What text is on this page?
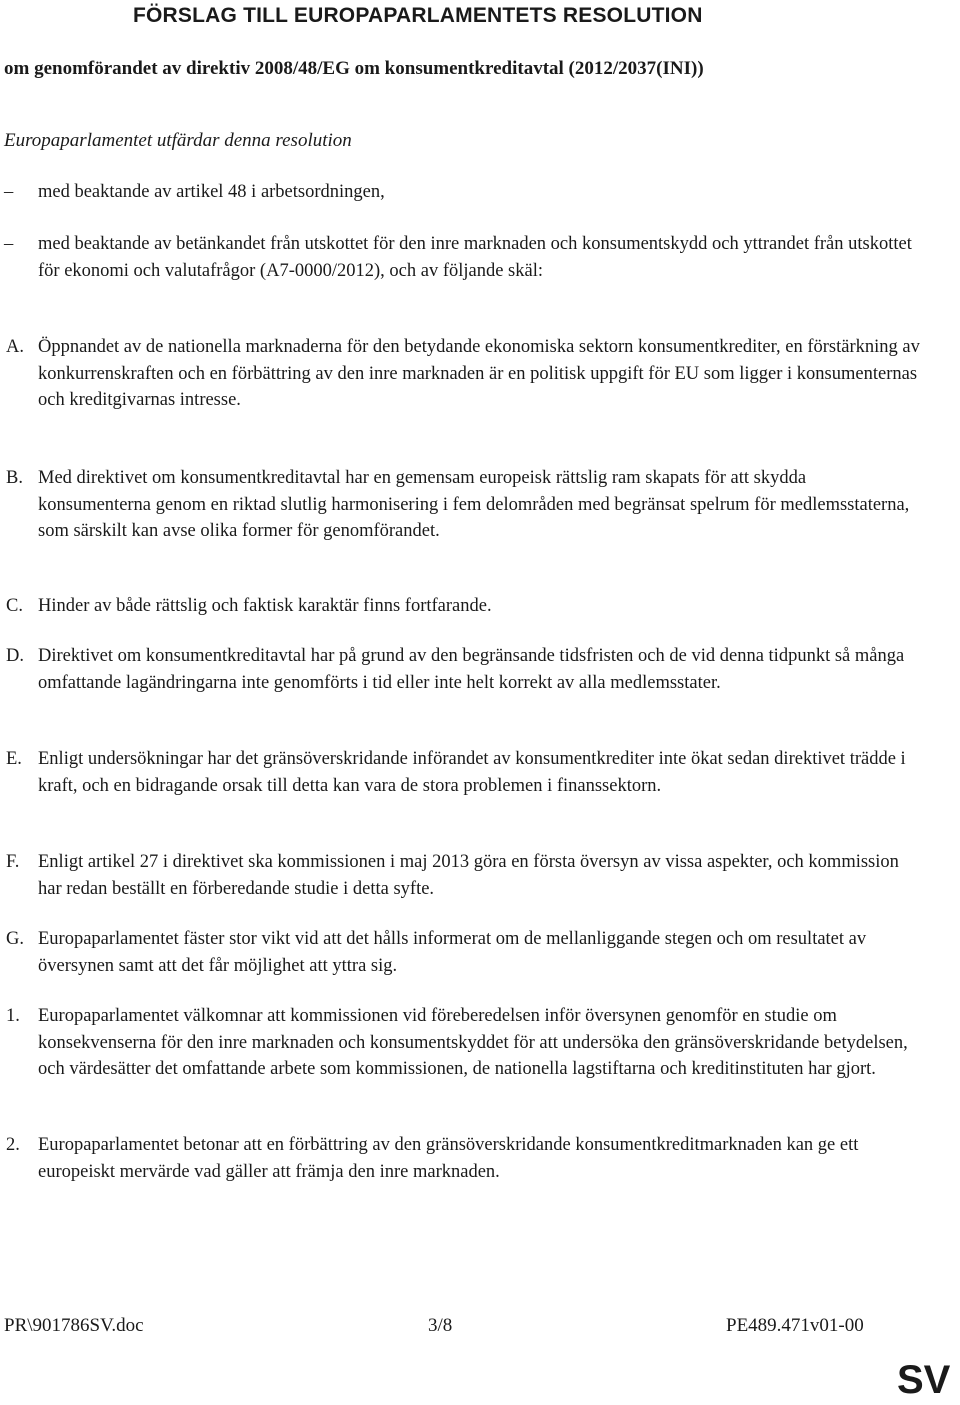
FÖRSLAG TILL EUROPAPARLAMENTETS RESOLUTION
om genomförandet av direktiv 2008/48/EG om konsumentkreditavtal (2012/2037(INI))
Europaparlamentet utfärdar denna resolution
– med beaktande av artikel 48 i arbetsordningen,
– med beaktande av betänkandet från utskottet för den inre marknaden och konsumentskydd och yttrandet från utskottet för ekonomi och valutafrågor (A7-0000/2012), och av följande skäl:
A. Öppnandet av de nationella marknaderna för den betydande ekonomiska sektorn konsumentkrediter, en förstärkning av konkurrenskraften och en förbättring av den inre marknaden är en politisk uppgift för EU som ligger i konsumenternas och kreditgivarnas intresse.
B. Med direktivet om konsumentkreditavtal har en gemensam europeisk rättslig ram skapats för att skydda konsumenterna genom en riktad slutlig harmonisering i fem delområden med begränsat spelrum för medlemsstaterna, som särskilt kan avse olika former för genomförandet.
C. Hinder av både rättslig och faktisk karaktär finns fortfarande.
D. Direktivet om konsumentkreditavtal har på grund av den begränsande tidsfristen och de vid denna tidpunkt så många omfattande lagändringarna inte genomförts i tid eller inte helt korrekt av alla medlemsstater.
E. Enligt undersökningar har det gränsöverskridande införandet av konsumentkrediter inte ökat sedan direktivet trädde i kraft, och en bidragande orsak till detta kan vara de stora problemen i finanssektorn.
F. Enligt artikel 27 i direktivet ska kommissionen i maj 2013 göra en första översyn av vissa aspekter, och kommission har redan beställt en förberedande studie i detta syfte.
G. Europaparlamentet fäster stor vikt vid att det hålls informerat om de mellanliggande stegen och om resultatet av översynen samt att det får möjlighet att yttra sig.
1. Europaparlamentet välkomnar att kommissionen vid föreberedelsen inför översynen genomför en studie om konsekvenserna för den inre marknaden och konsumentskyddet för att undersöka den gränsöverskridande betydelsen, och värdesätter det omfattande arbete som kommissionen, de nationella lagstiftarna och kreditinstituten har gjort.
2. Europaparlamentet betonar att en förbättring av den gränsöverskridande konsumentkreditmarknaden kan ge ett europeiskt mervärde vad gäller att främja den inre marknaden.
PR\901786SV.doc	3/8	PE489.471v01-00
SV
